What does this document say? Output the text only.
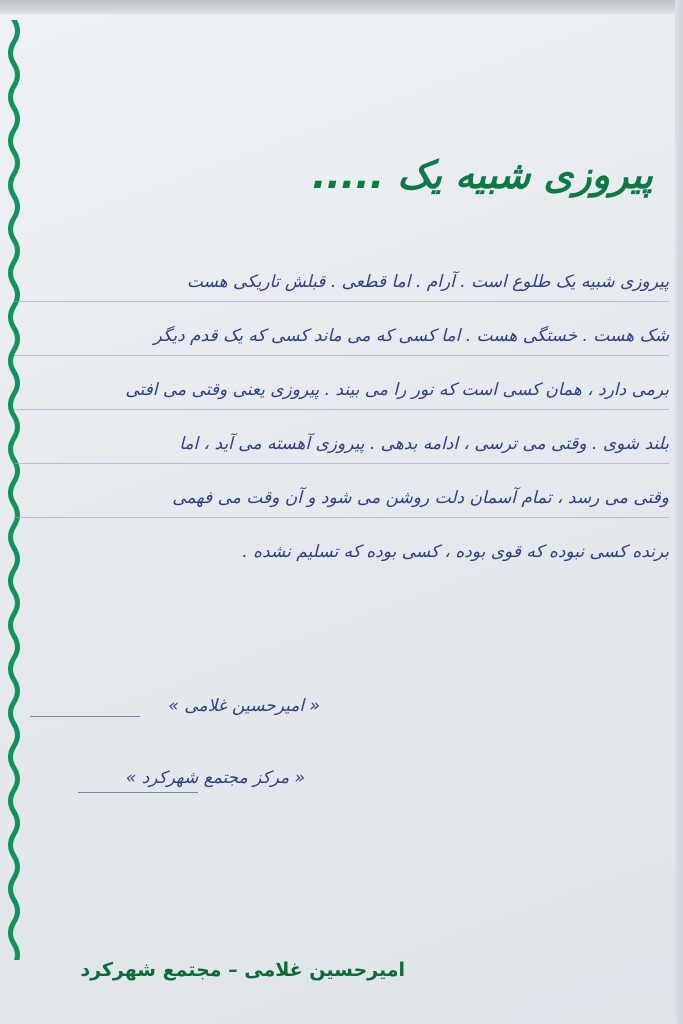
پیروزی شبیه یک .....
پیروزی شبیه یک طلوع است . آرام . اما قطعی . قبلش تاریکی هست
شک هست . خستگی هست . اما کسی که می ماند کسی که یک قدم دیگر
برمی دارد ، همان کسی است که نور را می بیند . پیروزی یعنی وقتی می افتی
بلند شوی . وقتی می ترسی ، ادامه بدهی . پیروزی آهسته می آید ، اما
وقتی می رسد ، تمام آسمان دلت روشن می شود و آن وقت می فهمی
برنده کسی نبوده که قوی بوده ، کسی بوده که تسلیم نشده .
« امیرحسین غلامی »
« مرکز مجتمع شهرکرد »
امیرحسین غلامی – مجتمع شهرکرد
